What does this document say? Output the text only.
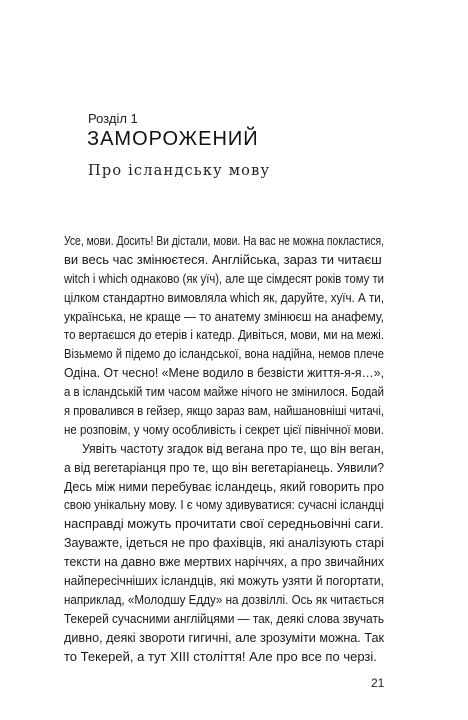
Розділ 1
ЗАМОРОЖЕНИЙ
Про ісландську мову
Усе, мови. Досить! Ви дістали, мови. На вас не можна покластися,
ви весь час змінюєтеся. Англійська, зараз ти читаєш
witch і which однаково (як уїч), але ще сімдесят років тому ти
цілком стандартно вимовляла which як, даруйте, хуїч. А ти,
українська, не краще — то анатему змінюєш на анафему,
то вертаєшся до етерів і катедр. Дивіться, мови, ми на межі.
Візьмемо й підемо до ісландської, вона надійна, немов плече
Одіна. От чесно! «Мене водило в безвісти життя-я-я…»,
а в ісландській тим часом майже нічого не змінилося. Бодай
я провалився в гейзер, якщо зараз вам, найшановніші читачі,
не розповім, у чому особливість і секрет цієї північної мови.
Уявіть частоту згадок від вегана про те, що він веган,
а від вегетаріанця про те, що він вегетаріанець. Уявили?
Десь між ними перебуває ісландець, який говорить про
свою унікальну мову. І є чому здивуватися: сучасні ісландці
насправді можуть прочитати свої середньовічні саги.
Зауважте, ідеться не про фахівців, які аналізують старі
тексти на давно вже мертвих наріччях, а про звичайних
найпересічніших ісландців, які можуть узяти й погортати,
наприклад, «Молодшу Едду» на дозвіллі. Ось як читається
Текерей сучасними англійцями — так, деякі слова звучать
дивно, деякі звороти гигичні, але зрозуміти можна. Так
то Текерей, а тут XIII століття! Але про все по черзі.
21
